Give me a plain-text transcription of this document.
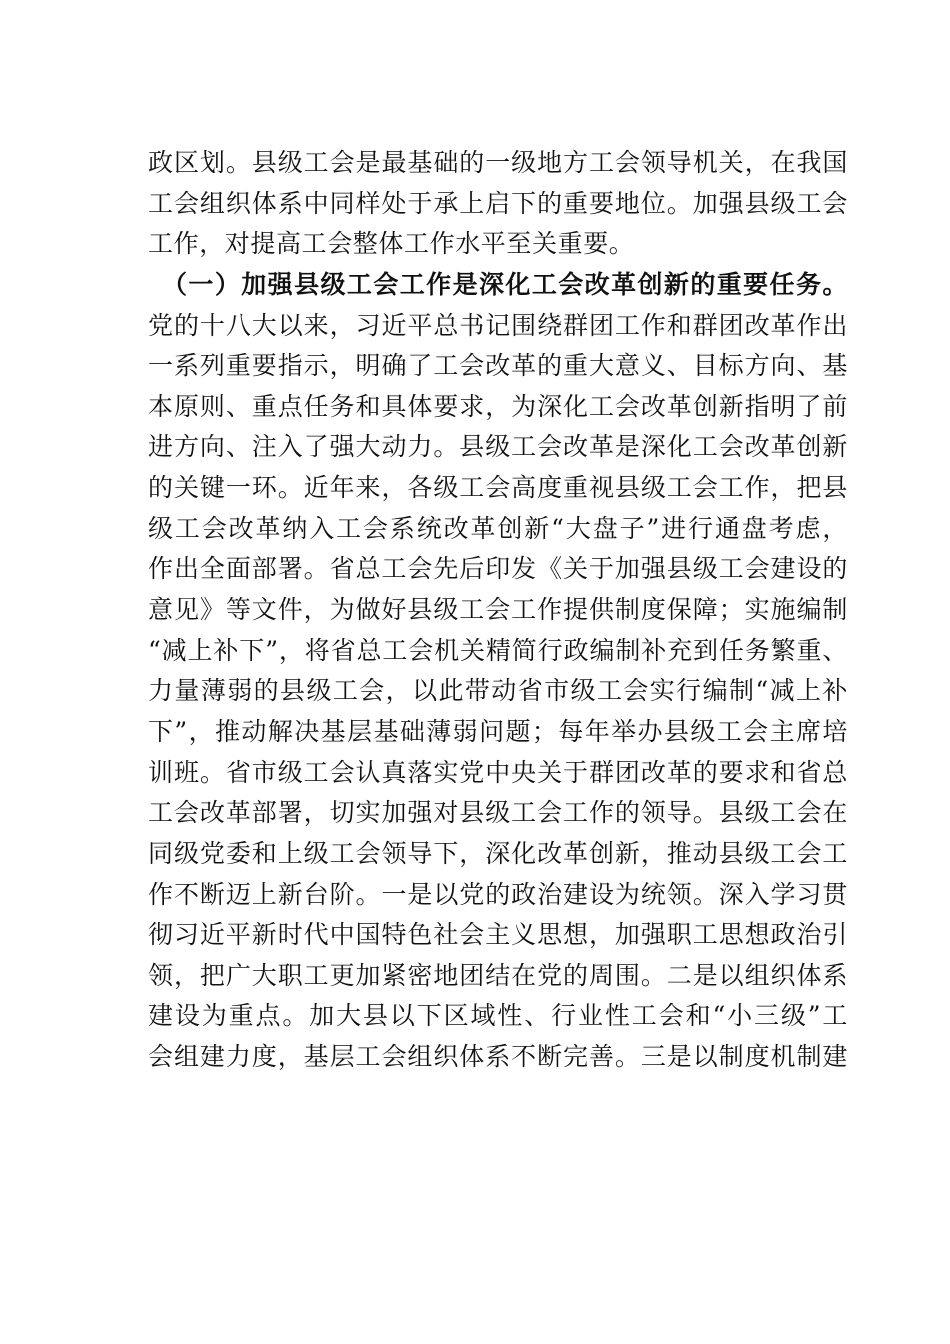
政区划。县级工会是最基础的一级地方工会领导机关，在我国
工会组织体系中同样处于承上启下的重要地位。加强县级工会
工作，对提高工会整体工作水平至关重要。
（一）加强县级工会工作是深化工会改革创新的重要任务。
党的十八大以来，习近平总书记围绕群团工作和群团改革作出
一系列重要指示，明确了工会改革的重大意义、目标方向、基
本原则、重点任务和具体要求，为深化工会改革创新指明了前
进方向、注入了强大动力。县级工会改革是深化工会改革创新
的关键一环。近年来，各级工会高度重视县级工会工作，把县
级工会改革纳入工会系统改革创新“大盘子”进行通盘考虑，
作出全面部署。省总工会先后印发《关于加强县级工会建设的
意见》等文件，为做好县级工会工作提供制度保障；实施编制
“减上补下”，将省总工会机关精简行政编制补充到任务繁重、
力量薄弱的县级工会，以此带动省市级工会实行编制“减上补
下”，推动解决基层基础薄弱问题；每年举办县级工会主席培
训班。省市级工会认真落实党中央关于群团改革的要求和省总
工会改革部署，切实加强对县级工会工作的领导。县级工会在
同级党委和上级工会领导下，深化改革创新，推动县级工会工
作不断迈上新台阶。一是以党的政治建设为统领。深入学习贯
彻习近平新时代中国特色社会主义思想，加强职工思想政治引
领，把广大职工更加紧密地团结在党的周围。二是以组织体系
建设为重点。加大县以下区域性、行业性工会和“小三级”工
会组建力度，基层工会组织体系不断完善。三是以制度机制建
